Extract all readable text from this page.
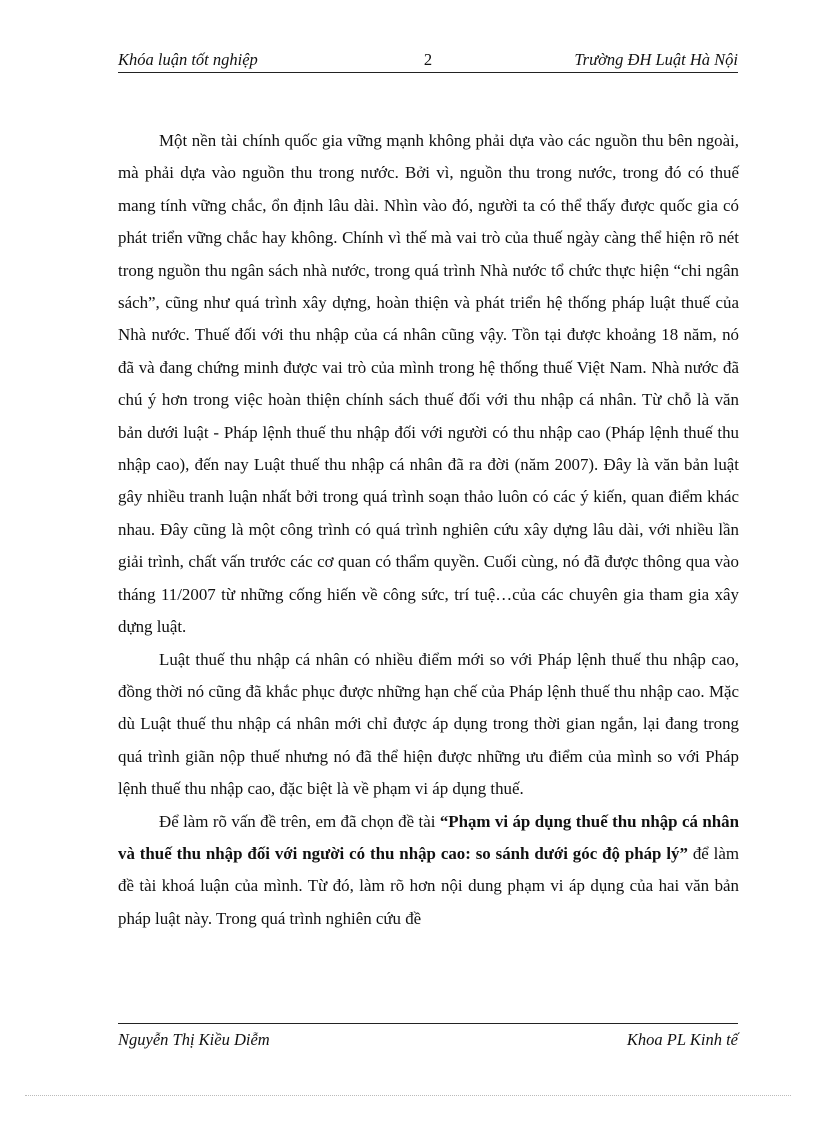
Khóa luận tốt nghiệp	2	Trường ĐH Luật Hà Nội

Một nền tài chính quốc gia vững mạnh không phải dựa vào các nguồn thu bên ngoài, mà phải dựa vào nguồn thu trong nước. Bởi vì, nguồn thu trong nước, trong đó có thuế mang tính vững chắc, ổn định lâu dài. Nhìn vào đó, người ta có thể thấy được quốc gia có phát triển vững chắc hay không. Chính vì thế mà vai trò của thuế ngày càng thể hiện rõ nét trong nguồn thu ngân sách nhà nước, trong quá trình Nhà nước tổ chức thực hiện “chi ngân sách”, cũng như quá trình xây dựng, hoàn thiện và phát triển hệ thống pháp luật thuế của Nhà nước. Thuế đối với thu nhập của cá nhân cũng vậy. Tồn tại được khoảng 18 năm, nó đã và đang chứng minh được vai trò của mình trong hệ thống thuế Việt Nam. Nhà nước đã chú ý hơn trong việc hoàn thiện chính sách thuế đối với thu nhập cá nhân. Từ chỗ là văn bản dưới luật - Pháp lệnh thuế thu nhập đối với người có thu nhập cao (Pháp lệnh thuế thu nhập cao), đến nay Luật thuế thu nhập cá nhân đã ra đời (năm 2007). Đây là văn bản luật gây nhiều tranh luận nhất bởi trong quá trình soạn thảo luôn có các ý kiến, quan điểm khác nhau. Đây cũng là một công trình có quá trình nghiên cứu xây dựng lâu dài, với nhiều lần giải trình, chất vấn trước các cơ quan có thẩm quyền. Cuối cùng, nó đã được thông qua vào tháng 11/2007 từ những cống hiến về công sức, trí tuệ…của các chuyên gia tham gia xây dựng luật.

Luật thuế thu nhập cá nhân có nhiều điểm mới so với Pháp lệnh thuế thu nhập cao, đồng thời nó cũng đã khắc phục được những hạn chế của Pháp lệnh thuế thu nhập cao. Mặc dù Luật thuế thu nhập cá nhân mới chỉ được áp dụng trong thời gian ngắn, lại đang trong quá trình giãn nộp thuế nhưng nó đã thể hiện được những ưu điểm của mình so với Pháp lệnh thuế thu nhập cao, đặc biệt là về phạm vi áp dụng thuế.

Để làm rõ vấn đề trên, em đã chọn đề tài “Phạm vi áp dụng thuế thu nhập cá nhân và thuế thu nhập đối với người có thu nhập cao: so sánh dưới góc độ pháp lý” để làm đề tài khoá luận của mình. Từ đó, làm rõ hơn nội dung phạm vi áp dụng của hai văn bản pháp luật này. Trong quá trình nghiên cứu đề

Nguyễn Thị Kiều Diễm	Khoa PL Kinh tế
